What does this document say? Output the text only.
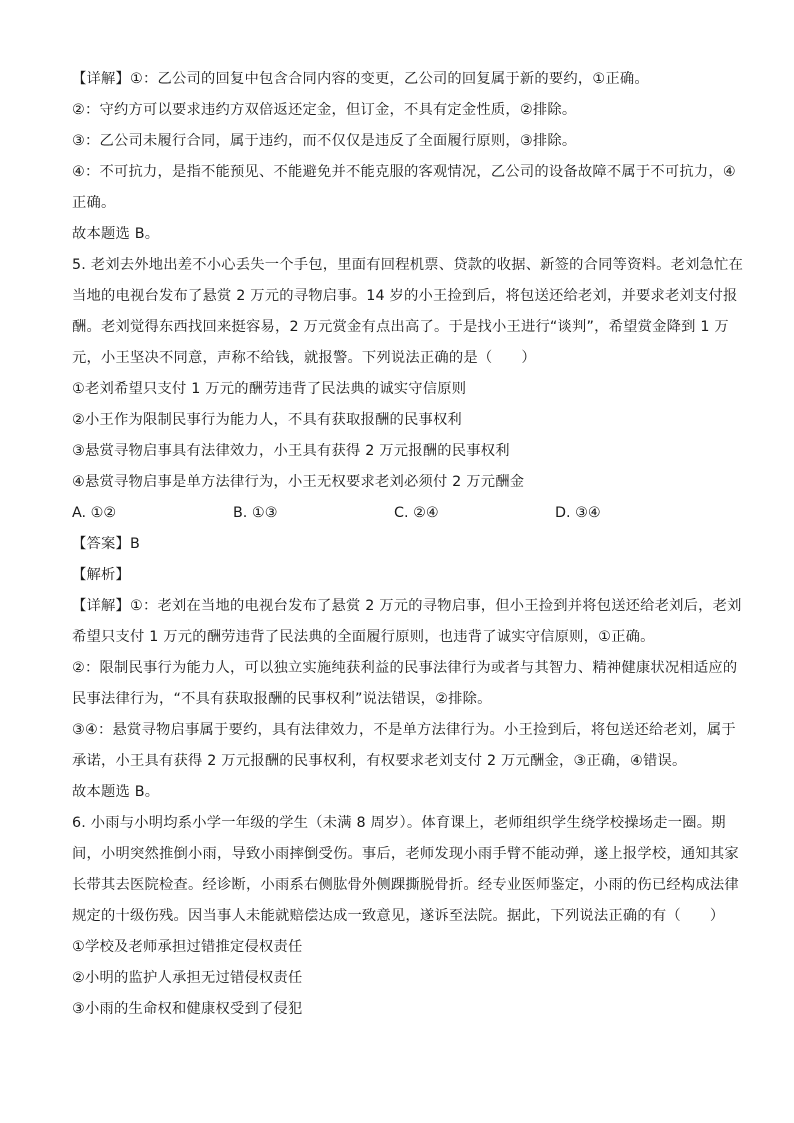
【详解】①：乙公司的回复中包含合同内容的变更，乙公司的回复属于新的要约，①正确。
②：守约方可以要求违约方双倍返还定金，但订金，不具有定金性质，②排除。
③：乙公司未履行合同，属于违约，而不仅仅是违反了全面履行原则，③排除。
④：不可抗力，是指不能预见、不能避免并不能克服的客观情况，乙公司的设备故障不属于不可抗力，④
正确。
故本题选 B。
5. 老刘去外地出差不小心丢失一个手包，里面有回程机票、贷款的收据、新签的合同等资料。老刘急忙在
当地的电视台发布了悬赏 2 万元的寻物启事。14 岁的小王捡到后，将包送还给老刘，并要求老刘支付报
酬。老刘觉得东西找回来挺容易，2 万元赏金有点出高了。于是找小王进行“谈判”，希望赏金降到 1 万
元，小王坚决不同意，声称不给钱，就报警。下列说法正确的是（　　）
①老刘希望只支付 1 万元的酬劳违背了民法典的诚实守信原则
②小王作为限制民事行为能力人，不具有获取报酬的民事权利
③悬赏寻物启事具有法律效力，小王具有获得 2 万元报酬的民事权利
④悬赏寻物启事是单方法律行为，小王无权要求老刘必须付 2 万元酬金
A. ①②	B. ①③	C. ②④	D. ③④
【答案】B
【解析】
【详解】①：老刘在当地的电视台发布了悬赏 2 万元的寻物启事，但小王捡到并将包送还给老刘后，老刘
希望只支付 1 万元的酬劳违背了民法典的全面履行原则，也违背了诚实守信原则，①正确。
②：限制民事行为能力人，可以独立实施纯获利益的民事法律行为或者与其智力、精神健康状况相适应的
民事法律行为，“不具有获取报酬的民事权利”说法错误，②排除。
③④：悬赏寻物启事属于要约，具有法律效力，不是单方法律行为。小王捡到后，将包送还给老刘，属于
承诺，小王具有获得 2 万元报酬的民事权利，有权要求老刘支付 2 万元酬金，③正确，④错误。
故本题选 B。
6. 小雨与小明均系小学一年级的学生（未满 8 周岁）。体育课上，老师组织学生绕学校操场走一圈。期
间，小明突然推倒小雨，导致小雨摔倒受伤。事后，老师发现小雨手臂不能动弹，遂上报学校，通知其家
长带其去医院检查。经诊断，小雨系右侧肱骨外侧踝撕脱骨折。经专业医师鉴定，小雨的伤已经构成法律
规定的十级伤残。因当事人未能就赔偿达成一致意见，遂诉至法院。据此，下列说法正确的有（　　）
①学校及老师承担过错推定侵权责任
②小明的监护人承担无过错侵权责任
③小雨的生命权和健康权受到了侵犯
